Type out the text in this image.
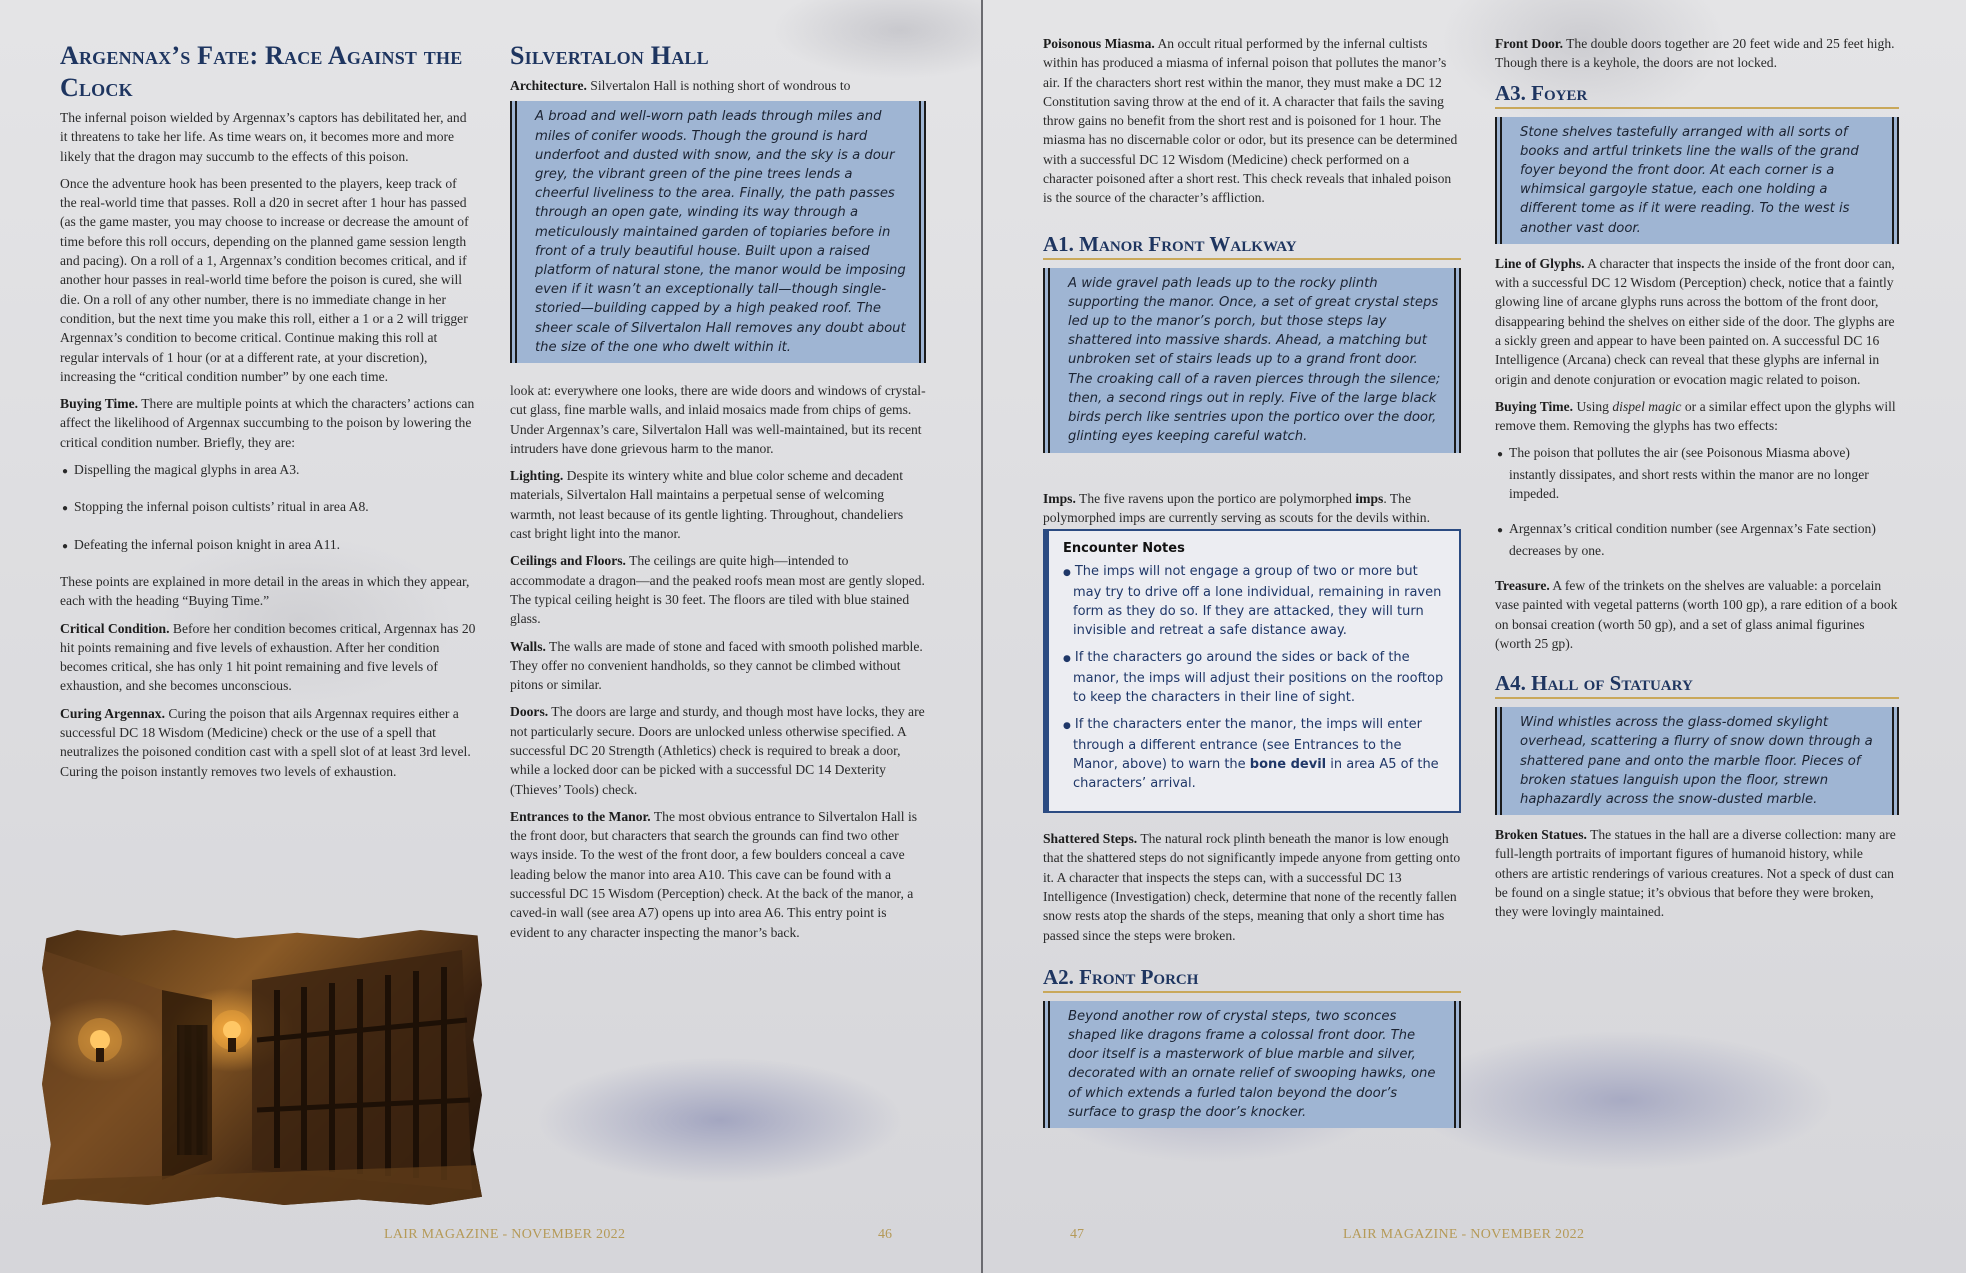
Argennax’s Fate: Race Against the Clock

The infernal poison wielded by Argennax’s captors has debilitated her, and it threatens to take her life. As time wears on, it becomes more and more likely that the dragon may succumb to the effects of this poison.

Once the adventure hook has been presented to the players, keep track of the real-world time that passes. Roll a d20 in secret after 1 hour has passed (as the game master, you may choose to increase or decrease the amount of time before this roll occurs, depending on the planned game session length and pacing). On a roll of a 1, Argennax’s condition becomes critical, and if another hour passes in real-world time before the poison is cured, she will die. On a roll of any other number, there is no immediate change in her condition, but the next time you make this roll, either a 1 or a 2 will trigger Argennax’s condition to become critical. Continue making this roll at regular intervals of 1 hour (or at a different rate, at your discretion), increasing the “critical condition number” by one each time.

Buying Time. There are multiple points at which the characters’ actions can affect the likelihood of Argennax succumbing to the poison by lowering the critical condition number. Briefly, they are:

● Dispelling the magical glyphs in area A3.
● Stopping the infernal poison cultists’ ritual in area A8.
● Defeating the infernal poison knight in area A11.

These points are explained in more detail in the areas in which they appear, each with the heading “Buying Time.”

Critical Condition. Before her condition becomes critical, Argennax has 20 hit points remaining and five levels of exhaustion. After her condition becomes critical, she has only 1 hit point remaining and five levels of exhaustion, and she becomes unconscious.

Curing Argennax. Curing the poison that ails Argennax requires either a successful DC 18 Wisdom (Medicine) check or the use of a spell that neutralizes the poisoned condition cast with a spell slot of at least 3rd level. Curing the poison instantly removes two levels of exhaustion.

Silvertalon Hall

Architecture. Silvertalon Hall is nothing short of wondrous to

A broad and well-worn path leads through miles and miles of conifer woods. Though the ground is hard underfoot and dusted with snow, and the sky is a dour grey, the vibrant green of the pine trees lends a cheerful liveliness to the area. Finally, the path passes through an open gate, winding its way through a meticulously maintained garden of topiaries before in front of a truly beautiful house. Built upon a raised platform of natural stone, the manor would be imposing even if it wasn’t an exceptionally tall—though single-storied—building capped by a high peaked roof. The sheer scale of Silvertalon Hall removes any doubt about the size of the one who dwelt within it.

look at: everywhere one looks, there are wide doors and windows of crystal-cut glass, fine marble walls, and inlaid mosaics made from chips of gems. Under Argennax’s care, Silvertalon Hall was well-maintained, but its recent intruders have done grievous harm to the manor.

Lighting. Despite its wintery white and blue color scheme and decadent materials, Silvertalon Hall maintains a perpetual sense of welcoming warmth, not least because of its gentle lighting. Throughout, chandeliers cast bright light into the manor.

Ceilings and Floors. The ceilings are quite high—intended to accommodate a dragon—and the peaked roofs mean most are gently sloped. The typical ceiling height is 30 feet. The floors are tiled with blue stained glass.

Walls. The walls are made of stone and faced with smooth polished marble. They offer no convenient handholds, so they cannot be climbed without pitons or similar.

Doors. The doors are large and sturdy, and though most have locks, they are not particularly secure. Doors are unlocked unless otherwise specified. A successful DC 20 Strength (Athletics) check is required to break a door, while a locked door can be picked with a successful DC 14 Dexterity (Thieves’ Tools) check.

Entrances to the Manor. The most obvious entrance to Silvertalon Hall is the front door, but characters that search the grounds can find two other ways inside. To the west of the front door, a few boulders conceal a cave leading below the manor into area A10. This cave can be found with a successful DC 15 Wisdom (Perception) check. At the back of the manor, a caved-in wall (see area A7) opens up into area A6. This entry point is evident to any character inspecting the manor’s back.

LAIR MAGAZINE - NOVEMBER 2022	46

Poisonous Miasma. An occult ritual performed by the infernal cultists within has produced a miasma of infernal poison that pollutes the manor’s air. If the characters short rest within the manor, they must make a DC 12 Constitution saving throw at the end of it. A character that fails the saving throw gains no benefit from the short rest and is poisoned for 1 hour. The miasma has no discernable color or odor, but its presence can be determined with a successful DC 12 Wisdom (Medicine) check performed on a character poisoned after a short rest. This check reveals that inhaled poison is the source of the character’s affliction.

A1. Manor Front Walkway
A wide gravel path leads up to the rocky plinth supporting the manor. Once, a set of great crystal steps led up to the manor’s porch, but those steps lay shattered into massive shards. Ahead, a matching but unbroken set of stairs leads up to a grand front door. The croaking call of a raven pierces through the silence; then, a second rings out in reply. Five of the large black birds perch like sentries upon the portico over the door, glinting eyes keeping careful watch.

Imps. The five ravens upon the portico are polymorphed imps. The polymorphed imps are currently serving as scouts for the devils within.

Encounter Notes
● The imps will not engage a group of two or more but may try to drive off a lone individual, remaining in raven form as they do so. If they are attacked, they will turn invisible and retreat a safe distance away.
● If the characters go around the sides or back of the manor, the imps will adjust their positions on the rooftop to keep the characters in their line of sight.
● If the characters enter the manor, the imps will enter through a different entrance (see Entrances to the Manor, above) to warn the bone devil in area A5 of the characters’ arrival.

Shattered Steps. The natural rock plinth beneath the manor is low enough that the shattered steps do not significantly impede anyone from getting onto it. A character that inspects the steps can, with a successful DC 13 Intelligence (Investigation) check, determine that none of the recently fallen snow rests atop the shards of the steps, meaning that only a short time has passed since the steps were broken.

A2. Front Porch
Beyond another row of crystal steps, two sconces shaped like dragons frame a colossal front door. The door itself is a masterwork of blue marble and silver, decorated with an ornate relief of swooping hawks, one of which extends a furled talon beyond the door’s surface to grasp the door’s knocker.

Front Door. The double doors together are 20 feet wide and 25 feet high. Though there is a keyhole, the doors are not locked.

A3. Foyer
Stone shelves tastefully arranged with all sorts of books and artful trinkets line the walls of the grand foyer beyond the front door. At each corner is a whimsical gargoyle statue, each one holding a different tome as if it were reading. To the west is another vast door.

Line of Glyphs. A character that inspects the inside of the front door can, with a successful DC 12 Wisdom (Perception) check, notice that a faintly glowing line of arcane glyphs runs across the bottom of the front door, disappearing behind the shelves on either side of the door. The glyphs are a sickly green and appear to have been painted on. A successful DC 16 Intelligence (Arcana) check can reveal that these glyphs are infernal in origin and denote conjuration or evocation magic related to poison.

Buying Time. Using dispel magic or a similar effect upon the glyphs will remove them. Removing the glyphs has two effects:

● The poison that pollutes the air (see Poisonous Miasma above) instantly dissipates, and short rests within the manor are no longer impeded.
● Argennax’s critical condition number (see Argennax’s Fate section) decreases by one.

Treasure. A few of the trinkets on the shelves are valuable: a porcelain vase painted with vegetal patterns (worth 100 gp), a rare edition of a book on bonsai creation (worth 50 gp), and a set of glass animal figurines (worth 25 gp).

A4. Hall of Statuary
Wind whistles across the glass-domed skylight overhead, scattering a flurry of snow down through a shattered pane and onto the marble floor. Pieces of broken statues languish upon the floor, strewn haphazardly across the snow-dusted marble.

Broken Statues. The statues in the hall are a diverse collection: many are full-length portraits of important figures of humanoid history, while others are artistic renderings of various creatures. Not a speck of dust can be found on a single statue; it’s obvious that before they were broken, they were lovingly maintained.

47	LAIR MAGAZINE - NOVEMBER 2022
